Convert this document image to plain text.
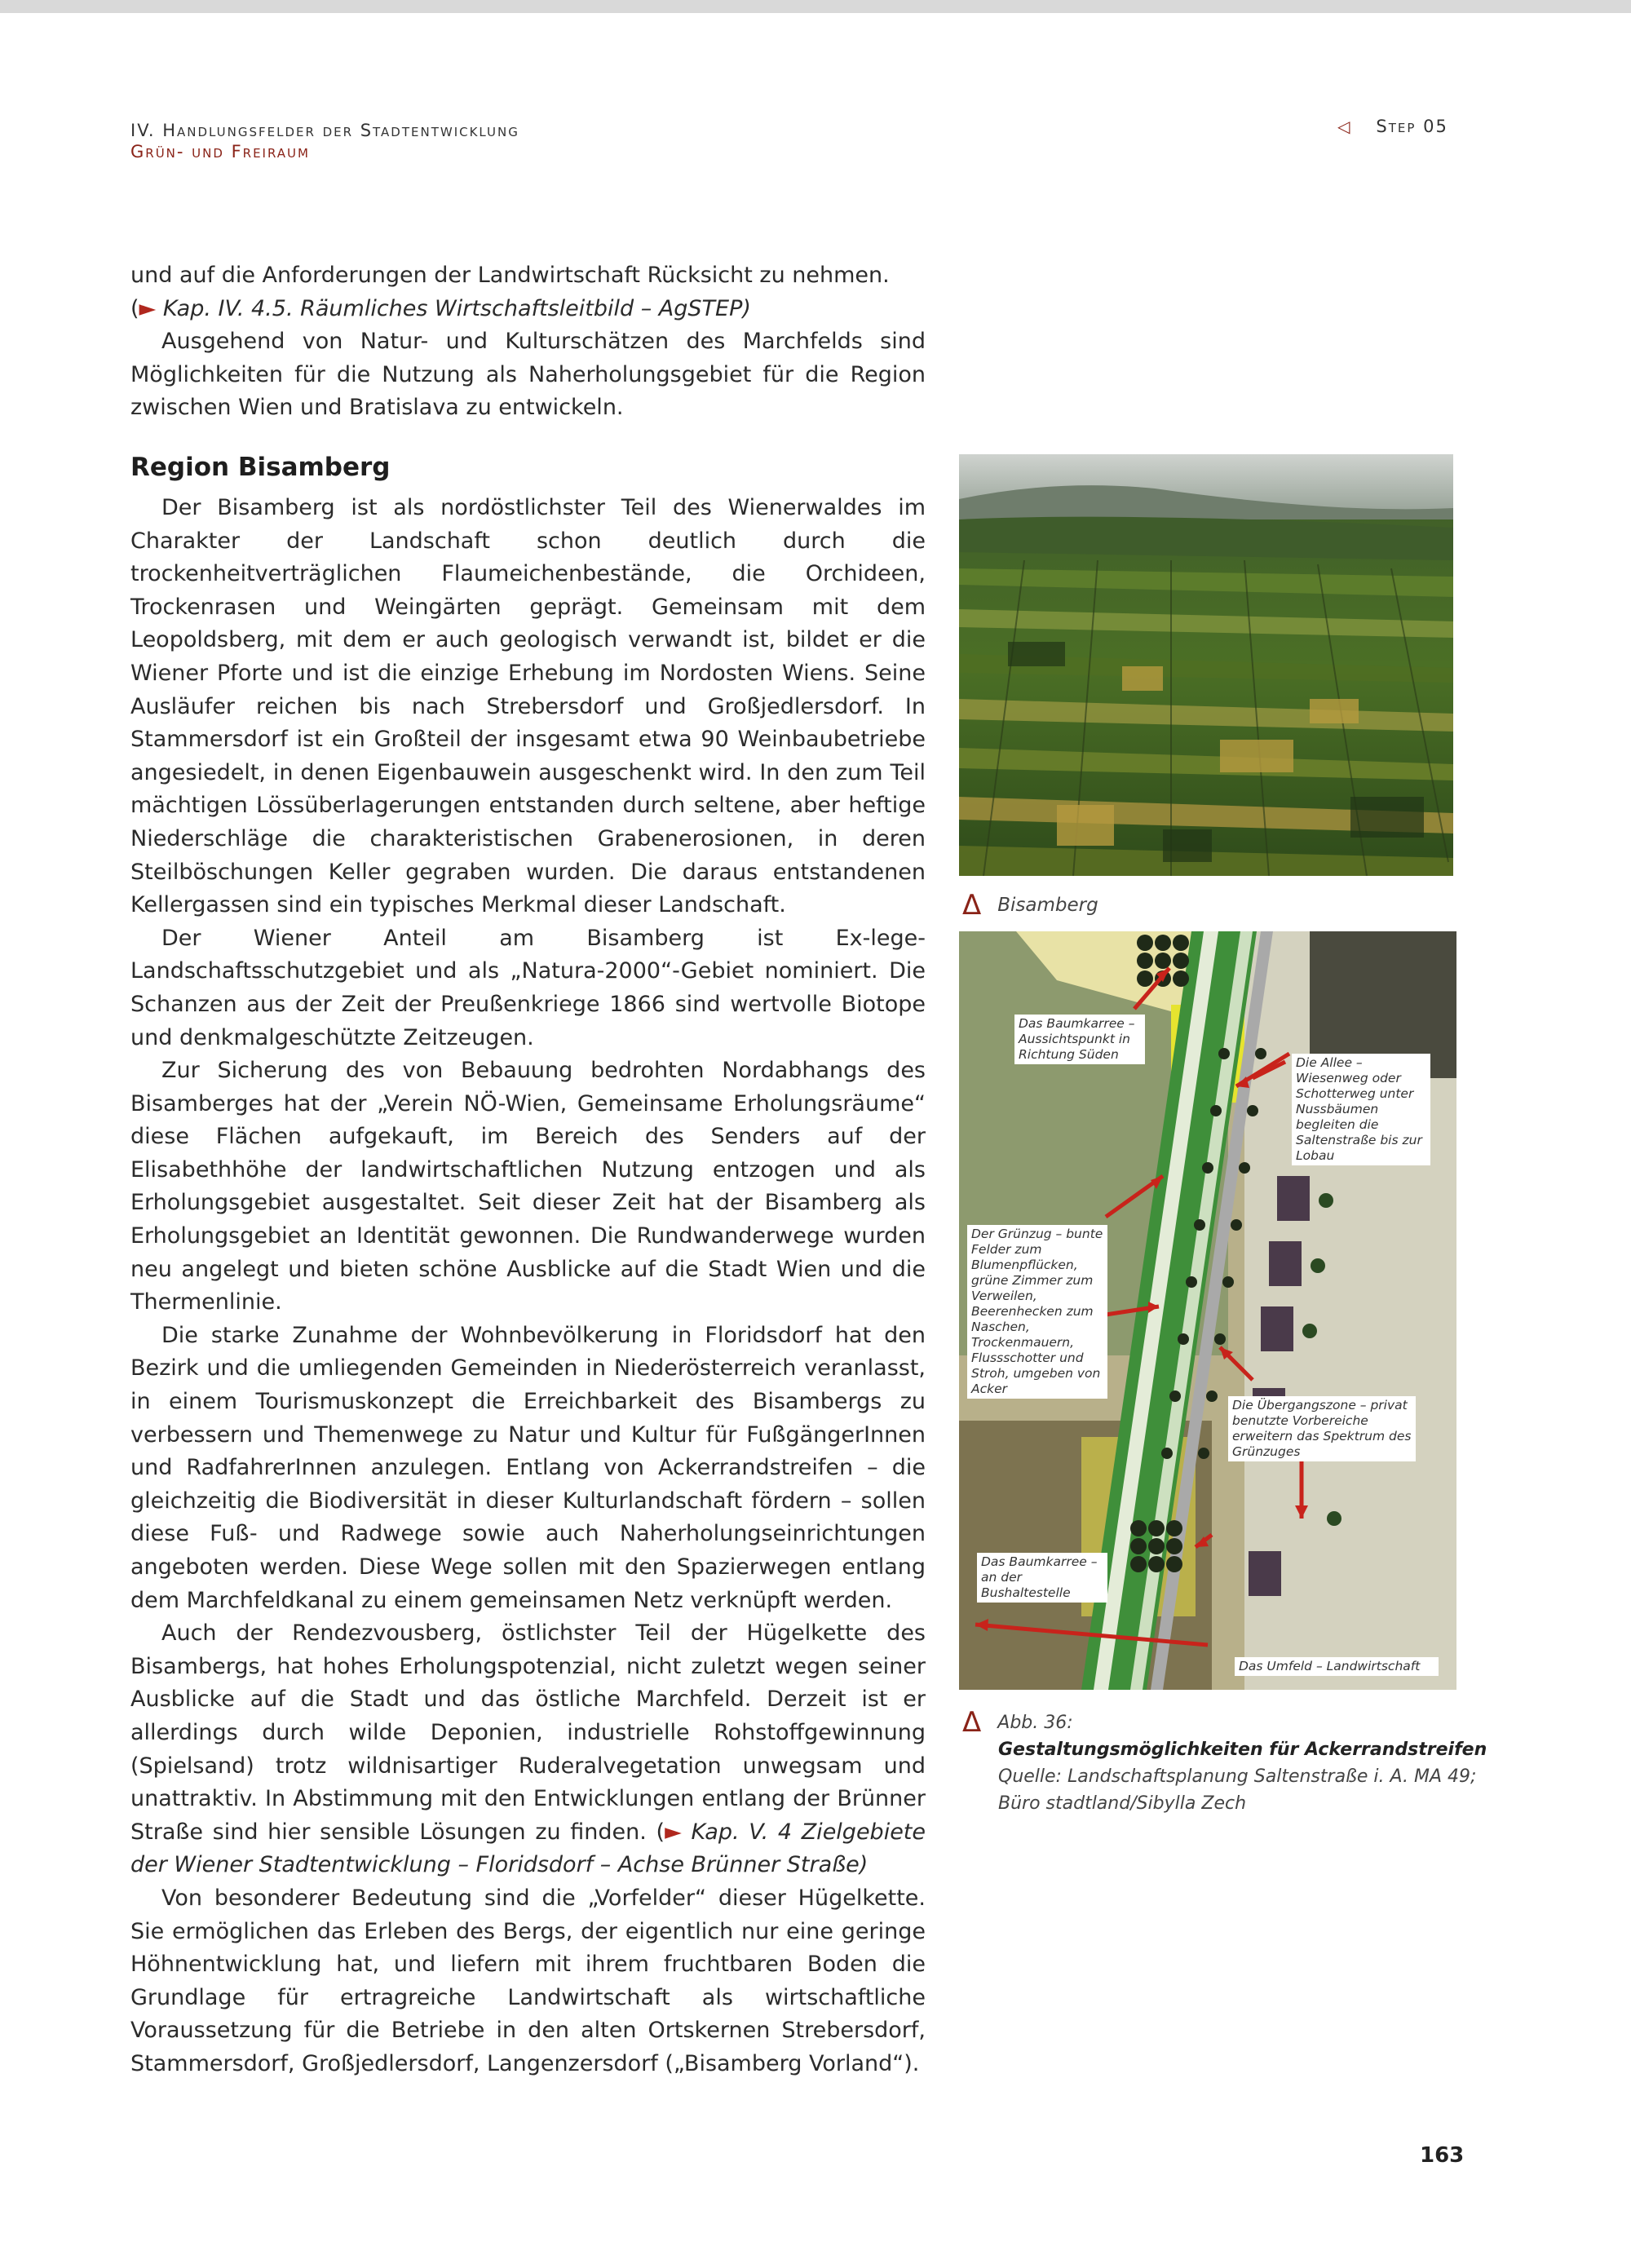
IV. Handlungsfelder der Stadtentwicklung
Grün- und Freiraum
◁ Step 05

und auf die Anforderungen der Landwirtschaft Rücksicht zu nehmen.

(► Kap. IV. 4.5. Räumliches Wirtschaftsleitbild – AgSTEP)

Ausgehend von Natur- und Kulturschätzen des Marchfelds sind Möglichkeiten für die Nutzung als Naherholungsgebiet für die Region zwischen Wien und Bratislava zu entwickeln.

Region Bisamberg

Der Bisamberg ist als nordöstlichster Teil des Wienerwaldes im Charakter der Landschaft schon deutlich durch die trockenheitverträglichen Flaumeichenbestände, die Orchideen, Trockenrasen und Weingärten geprägt. Gemeinsam mit dem Leopoldsberg, mit dem er auch geologisch verwandt ist, bildet er die Wiener Pforte und ist die einzige Erhebung im Nordosten Wiens. Seine Ausläufer reichen bis nach Strebersdorf und Großjedlersdorf. In Stammersdorf ist ein Großteil der insgesamt etwa 90 Weinbaubetriebe angesiedelt, in denen Eigenbauwein ausgeschenkt wird. In den zum Teil mächtigen Lössüberlagerungen entstanden durch seltene, aber heftige Niederschläge die charakteristischen Grabenerosionen, in deren Steilböschungen Keller gegraben wurden. Die daraus entstandenen Kellergassen sind ein typisches Merkmal dieser Landschaft.

Der Wiener Anteil am Bisamberg ist Ex-lege-Landschaftsschutzgebiet und als „Natura-2000“-Gebiet nominiert. Die Schanzen aus der Zeit der Preußenkriege 1866 sind wertvolle Biotope und denkmalgeschützte Zeitzeugen.

Zur Sicherung des von Bebauung bedrohten Nordabhangs des Bisamberges hat der „Verein NÖ-Wien, Gemeinsame Erholungsräume“ diese Flächen aufgekauft, im Bereich des Senders auf der Elisabethhöhe der landwirtschaftlichen Nutzung entzogen und als Erholungsgebiet ausgestaltet. Seit dieser Zeit hat der Bisamberg als Erholungsgebiet an Identität gewonnen. Die Rundwanderwege wurden neu angelegt und bieten schöne Ausblicke auf die Stadt Wien und die Thermenlinie.

Die starke Zunahme der Wohnbevölkerung in Floridsdorf hat den Bezirk und die umliegenden Gemeinden in Niederösterreich veranlasst, in einem Tourismuskonzept die Erreichbarkeit des Bisambergs zu verbessern und Themenwege zu Natur und Kultur für FußgängerInnen und RadfahrerInnen anzulegen. Entlang von Ackerrandstreifen – die gleichzeitig die Biodiversität in dieser Kulturlandschaft fördern – sollen diese Fuß- und Radwege sowie auch Naherholungseinrichtungen angeboten werden. Diese Wege sollen mit den Spazierwegen entlang dem Marchfeldkanal zu einem gemeinsamen Netz verknüpft werden.

Auch der Rendezvousberg, östlichster Teil der Hügelkette des Bisambergs, hat hohes Erholungspotenzial, nicht zuletzt wegen seiner Ausblicke auf die Stadt und das östliche Marchfeld. Derzeit ist er allerdings durch wilde Deponien, industrielle Rohstoffgewinnung (Spielsand) trotz wildnisartiger Ruderalvegetation unwegsam und unattraktiv. In Abstimmung mit den Entwicklungen entlang der Brünner Straße sind hier sensible Lösungen zu finden. (► Kap. V. 4 Zielgebiete der Wiener Stadtentwicklung – Floridsdorf – Achse Brünner Straße)

Von besonderer Bedeutung sind die „Vorfelder“ dieser Hügelkette. Sie ermöglichen das Erleben des Bergs, der eigentlich nur eine geringe Höhnentwicklung hat, und liefern mit ihrem fruchtbaren Boden die Grundlage für ertragreiche Landwirtschaft als wirtschaftliche Voraussetzung für die Betriebe in den alten Ortskernen Strebersdorf, Stammersdorf, Großjedlersdorf, Langenzersdorf („Bisamberg Vorland“).

Δ Bisamberg
Das Baumkarree – Aussichtspunkt in Richtung Süden
Die Allee – Wiesenweg oder Schotterweg unter Nussbäumen begleiten die Saltenstraße bis zur Lobau
Der Grünzug – bunte Felder zum Blumenpflücken, grüne Zimmer zum Verweilen, Beerenhecken zum Naschen, Trockenmauern, Flussschotter und Stroh, umgeben von Acker
Die Übergangszone – privat benutzte Vorbereiche erweitern das Spektrum des Grünzuges
Das Baumkarree – an der Bushaltestelle
Das Umfeld – Landwirtschaft
Δ Abb. 36:
Gestaltungsmöglichkeiten für Ackerrandstreifen
Quelle: Landschaftsplanung Saltenstraße i. A. MA 49;
Büro stadtland/Sibylla Zech
163
